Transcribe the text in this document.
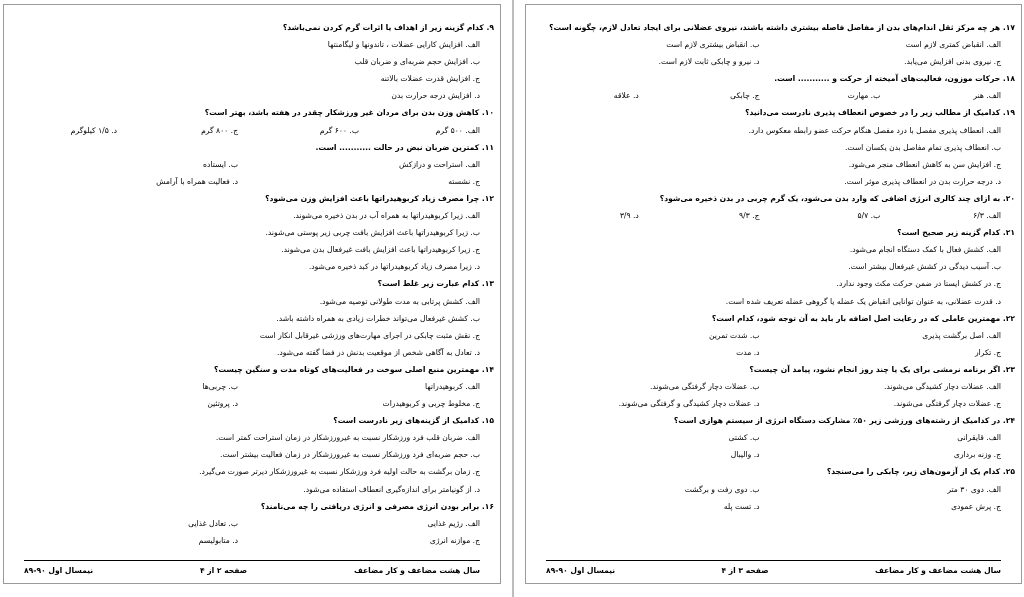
۹. کدام گزینه زیر از اهداف یا اثرات گرم کردن نمی‌باشد؟
الف. افزایش کارایی عضلات ، تاندونها و لیگامنتها
ب. افزایش حجم ضربه‌ای و ضربان قلب
ج. افزایش قدرت عضلات بالاتنه
د. افزایش درجه حرارت بدن
۱۰. کاهش وزن بدن برای مردان غیر ورزشکار چقدر در هفته باشد، بهتر است؟
الف. ۵۰۰ گرم
ب. ۶۰۰ گرم
ج. ۸۰۰ گرم
د. ۱/۵ کیلوگرم
۱۱. کمترین ضربان نبض در حالت ........... است.
الف. استراحت و درازکش
ب. ایستاده
ج. نشسته
د. فعالیت همراه با آرامش
۱۲. چرا مصرف زیاد کربوهیدراتها باعث افزایش وزن می‌شود؟
الف. زیرا کربوهیدراتها به همراه آب در بدن ذخیره می‌شوند.
ب. زیرا کربوهیدراتها باعث افزایش بافت چربی زیر پوستی می‌شوند.
ج. زیرا کربوهیدراتها باعث افزایش بافت غیرفعال بدن می‌شوند.
د. زیرا مصرف زیاد کربوهیدراتها در کبد ذخیره می‌شود.
۱۳. کدام عبارت زیر غلط است؟
الف. کشش پرتابی به مدت طولانی توصیه می‌شود.
ب. کشش غیرفعال می‌تواند خطرات زیادی به همراه داشته باشد.
ج. نقش مثبت چابکی در اجرای مهارت‌های ورزشی غیرقابل انکار است
د. تعادل به آگاهی شخص از موقعیت بدنش در فضا گفته می‌شود.
۱۴. مهمترین منبع اصلی سوخت در فعالیت‌های کوتاه مدت و سنگین چیست؟
الف. کربوهیدراتها
ب. چربی‌ها
ج. مخلوط چربی و کربوهیدرات
د. پروتئین
۱۵. کدامیک از گزینه‌های زیر نادرست است؟
الف. ضربان قلب فرد ورزشکار نسبت به غیرورزشکار در زمان استراحت کمتر است.
ب. حجم ضربه‌ای فرد ورزشکار نسبت به غیرورزشکار در زمان فعالیت بیشتر است.
ج. زمان برگشت به حالت اولیه فرد ورزشکار نسبت به غیرورزشکار دیرتر صورت می‌گیرد.
د. از گونیامتر برای اندازه‌گیری انعطاف استفاده می‌شود.
۱۶. برابر بودن انرژی مصرفی و انرژی دریافتی را چه می‌نامند؟
الف. رژیم غذایی
ب. تعادل غذایی
ج. موازنه انرژی
د. متابولیسم
سال هشت مضاعف و کار مضاعف
صفحه ۲ از ۴
نیمسال اول ۹۰-۸۹
۱۷. هر چه مرکز ثقل اندام‌های بدن از مفاصل فاصله بیشتری داشته باشند، نیروی عضلانی برای ایجاد تعادل لازم، چگونه است؟
الف. انقباض کمتری لازم است
ب. انقباض بیشتری لازم است
ج. نیروی بدنی افزایش می‌یابد.
د. نیرو و چابکی ثابت لازم است.
۱۸. حرکات موزون، فعالیت‌های آمیخته از حرکت و ........... است.
الف. هنر
ب. مهارت
ج. چابکی
د. علاقه
۱۹. کدامیک از مطالب زیر را در خصوص انعطاف پذیری نادرست می‌دانید؟
الف. انعطاف پذیری مفصل با درد مفصل هنگام حرکت عضو رابطه معکوس دارد.
ب. انعطاف پذیری تمام مفاصل بدن یکسان است.
ج. افزایش سن به کاهش انعطاف منجر می‌شود.
د. درجه حرارت بدن در انعطاف پذیری موثر است.
۲۰. به ازای چند کالری انرژی اضافی که وارد بدن می‌شود، یک گرم چربی در بدن ذخیره می‌شود؟
الف. ۶/۳
ب. ۵/۷
ج. ۹/۳
د. ۳/۹
۲۱. کدام گزینه زیر صحیح است؟
الف. کشش فعال با کمک دستگاه انجام می‌شود.
ب. آسیب دیدگی در کشش غیرفعال بیشتر است.
ج. در کشش ایستا در ضمن حرکت مکث وجود ندارد.
د. قدرت عضلانی، به عنوان توانایی انقباض یک عضله یا گروهی عضله تعریف شده است.
۲۲. مهمترین عاملی که در رعایت اصل اضافه بار باید به آن توجه شود، کدام است؟
الف. اصل برگشت پذیری
ب. شدت تمرین
ج. تکرار
د. مدت
۲۳. اگر برنامه نرمشی برای یک یا چند روز انجام نشود، پیامد آن چیست؟
الف. عضلات دچار کشیدگی می‌شوند.
ب. عضلات دچار گرفتگی می‌شوند.
ج. عضلات دچار گرفتگی می‌شوند.
د. عضلات دچار کشیدگی و گرفتگی می‌شوند.
۲۴. در کدامیک از رشته‌های ورزشی زیر ۵۰٪ مشارکت دستگاه انرژی از سیستم هوازی است؟
الف. قایقرانی
ب. کشتی
ج. وزنه برداری
د. والیبال
۲۵. کدام یک از آزمون‌های زیر، چابکی را می‌سنجد؟
الف. دوی ۳۰ متر
ب. دوی رفت و برگشت
ج. پرش عمودی
د. تست پله
سال هشت مضاعف و کار مضاعف
صفحه ۳ از ۴
نیمسال اول ۹۰-۸۹
